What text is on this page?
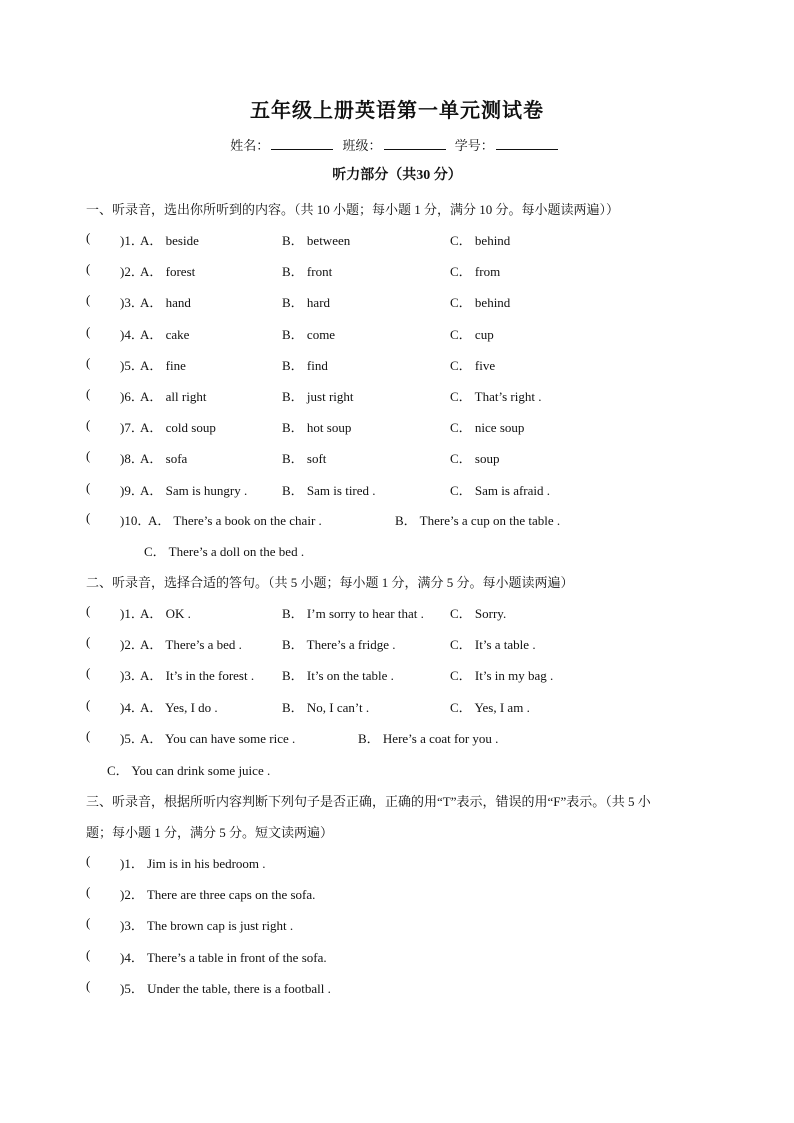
五年级上册英语第一单元测试卷
姓名：	班级：	学号：
听力部分（共30 分）
一、听录音，选出你所听到的内容。（共 10 小题；每小题 1 分，满分 10 分。每小题读两遍））
( )1．
A． beside	B． between	C． behind
( )2．
A． forest	B． front	C． from
( )3．
A． hand	B． hard	C． behind
( )4．
A． cake	B． come	C． cup
( )5．
A． fine	B． find	C． five
( )6．
A． all right	B． just right	C． That’s right .
( )7．
A． cold soup	B． hot soup	C． nice soup
( )8．
A． sofa	B． soft	C． soup
( )9．
A． Sam is hungry .	B． Sam is tired .	C． Sam is afraid .
( )10．
A． There’s a book on the chair .	B． There’s a cup on the table .
C． There’s a doll on the bed .
二、听录音，选择合适的答句。（共 5 小题；每小题 1 分，满分 5 分。每小题读两遍）
( )1．
A． OK .	B． I’m sorry to hear that . C． Sorry.
( )2．
A． There’s a bed .	B． There’s a fridge .	C． It’s a table .
( )3．
A． It’s in the forest . B． It’s on the table .	C． It’s in my bag .
( )4．
A． Yes, I do .	B． No, I can’t .	C． Yes, I am .
( )5．
A． You can have some rice .	B． Here’s a coat for you .
C． You can drink some juice .
三、听录音，根据所听内容判断下列句子是否正确，正确的用“T”表示，错误的用“F”表示。（共 5 小
题；每小题 1 分，满分 5 分。短文读两遍）
( )1． Jim is in his bedroom .
( )2． There are three caps on the sofa.
( )3． The brown cap is just right .
( )4． There’s a table in front of the sofa.
( )5． Under the table, there is a football .
